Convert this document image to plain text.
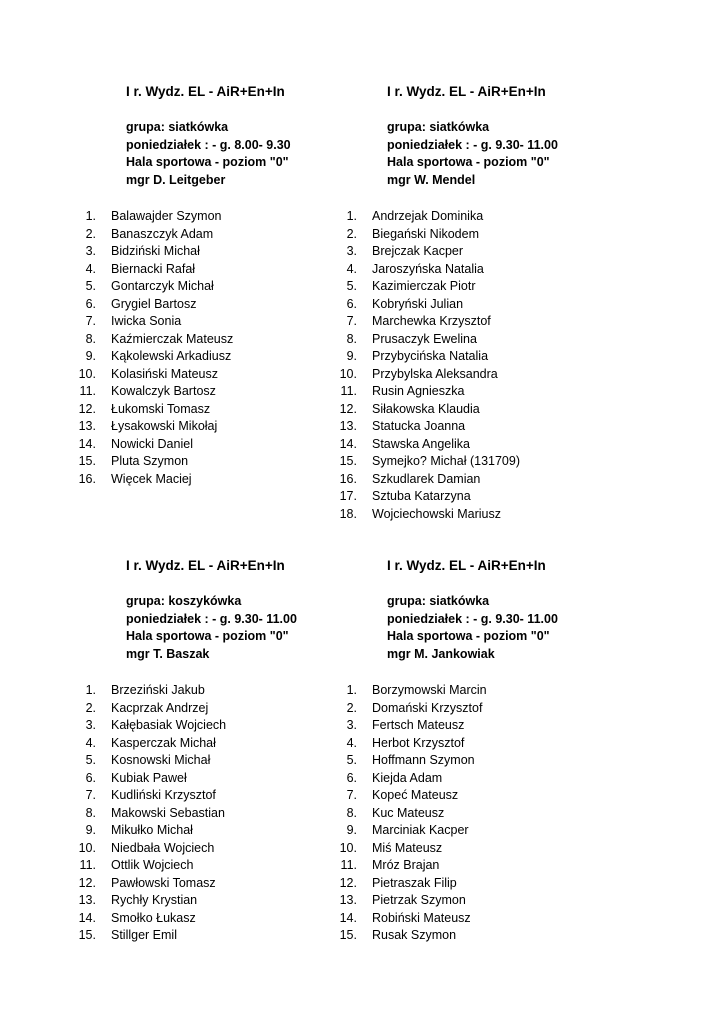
I r. Wydz. EL - AiR+En+In
grupa: siatkówka
poniedziałek : - g. 8.00- 9.30
Hala sportowa - poziom "0"
mgr D. Leitgeber
1. Balawajder Szymon
2. Banaszczyk Adam
3. Bidziński Michał
4. Biernacki Rafał
5. Gontarczyk Michał
6. Grygiel Bartosz
7. Iwicka Sonia
8. Kaźmierczak Mateusz
9. Kąkolewski Arkadiusz
10. Kolasiński Mateusz
11. Kowalczyk Bartosz
12. Łukomski Tomasz
13. Łysakowski Mikołaj
14. Nowicki Daniel
15. Pluta Szymon
16. Więcek Maciej
I r. Wydz. EL - AiR+En+In
grupa: siatkówka
poniedziałek : - g. 9.30- 11.00
Hala sportowa - poziom "0"
mgr W. Mendel
1. Andrzejak Dominika
2. Biegański Nikodem
3. Brejczak Kacper
4. Jaroszyńska Natalia
5. Kazimierczak Piotr
6. Kobryński Julian
7. Marchewka Krzysztof
8. Prusaczyk Ewelina
9. Przybycińska Natalia
10. Przybylska Aleksandra
11. Rusin Agnieszka
12. Siłakowska Klaudia
13. Statucka Joanna
14. Stawska Angelika
15. Symejko? Michał (131709)
16. Szkudlarek Damian
17. Sztuba Katarzyna
18. Wojciechowski Mariusz
I r. Wydz. EL - AiR+En+In
grupa: koszykówka
poniedziałek : - g. 9.30- 11.00
Hala sportowa - poziom "0"
mgr T. Baszak
1. Brzeziński Jakub
2. Kacprzak Andrzej
3. Kałębasiak Wojciech
4. Kasperczak Michał
5. Kosnowski Michał
6. Kubiak Paweł
7. Kudliński Krzysztof
8. Makowski Sebastian
9. Mikułko Michał
10. Niedbała Wojciech
11. Ottlik Wojciech
12. Pawłowski Tomasz
13. Rychły Krystian
14. Smołko Łukasz
15. Stillger Emil
I r. Wydz. EL - AiR+En+In
grupa: siatkówka
poniedziałek : - g. 9.30- 11.00
Hala sportowa - poziom "0"
mgr M. Jankowiak
1. Borzymowski Marcin
2. Domański Krzysztof
3. Fertsch Mateusz
4. Herbot Krzysztof
5. Hoffmann Szymon
6. Kiejda Adam
7. Kopeć Mateusz
8. Kuc Mateusz
9. Marciniak Kacper
10. Miś Mateusz
11. Mróz Brajan
12. Pietraszak Filip
13. Pietrzak Szymon
14. Robiński Mateusz
15. Rusak Szymon
